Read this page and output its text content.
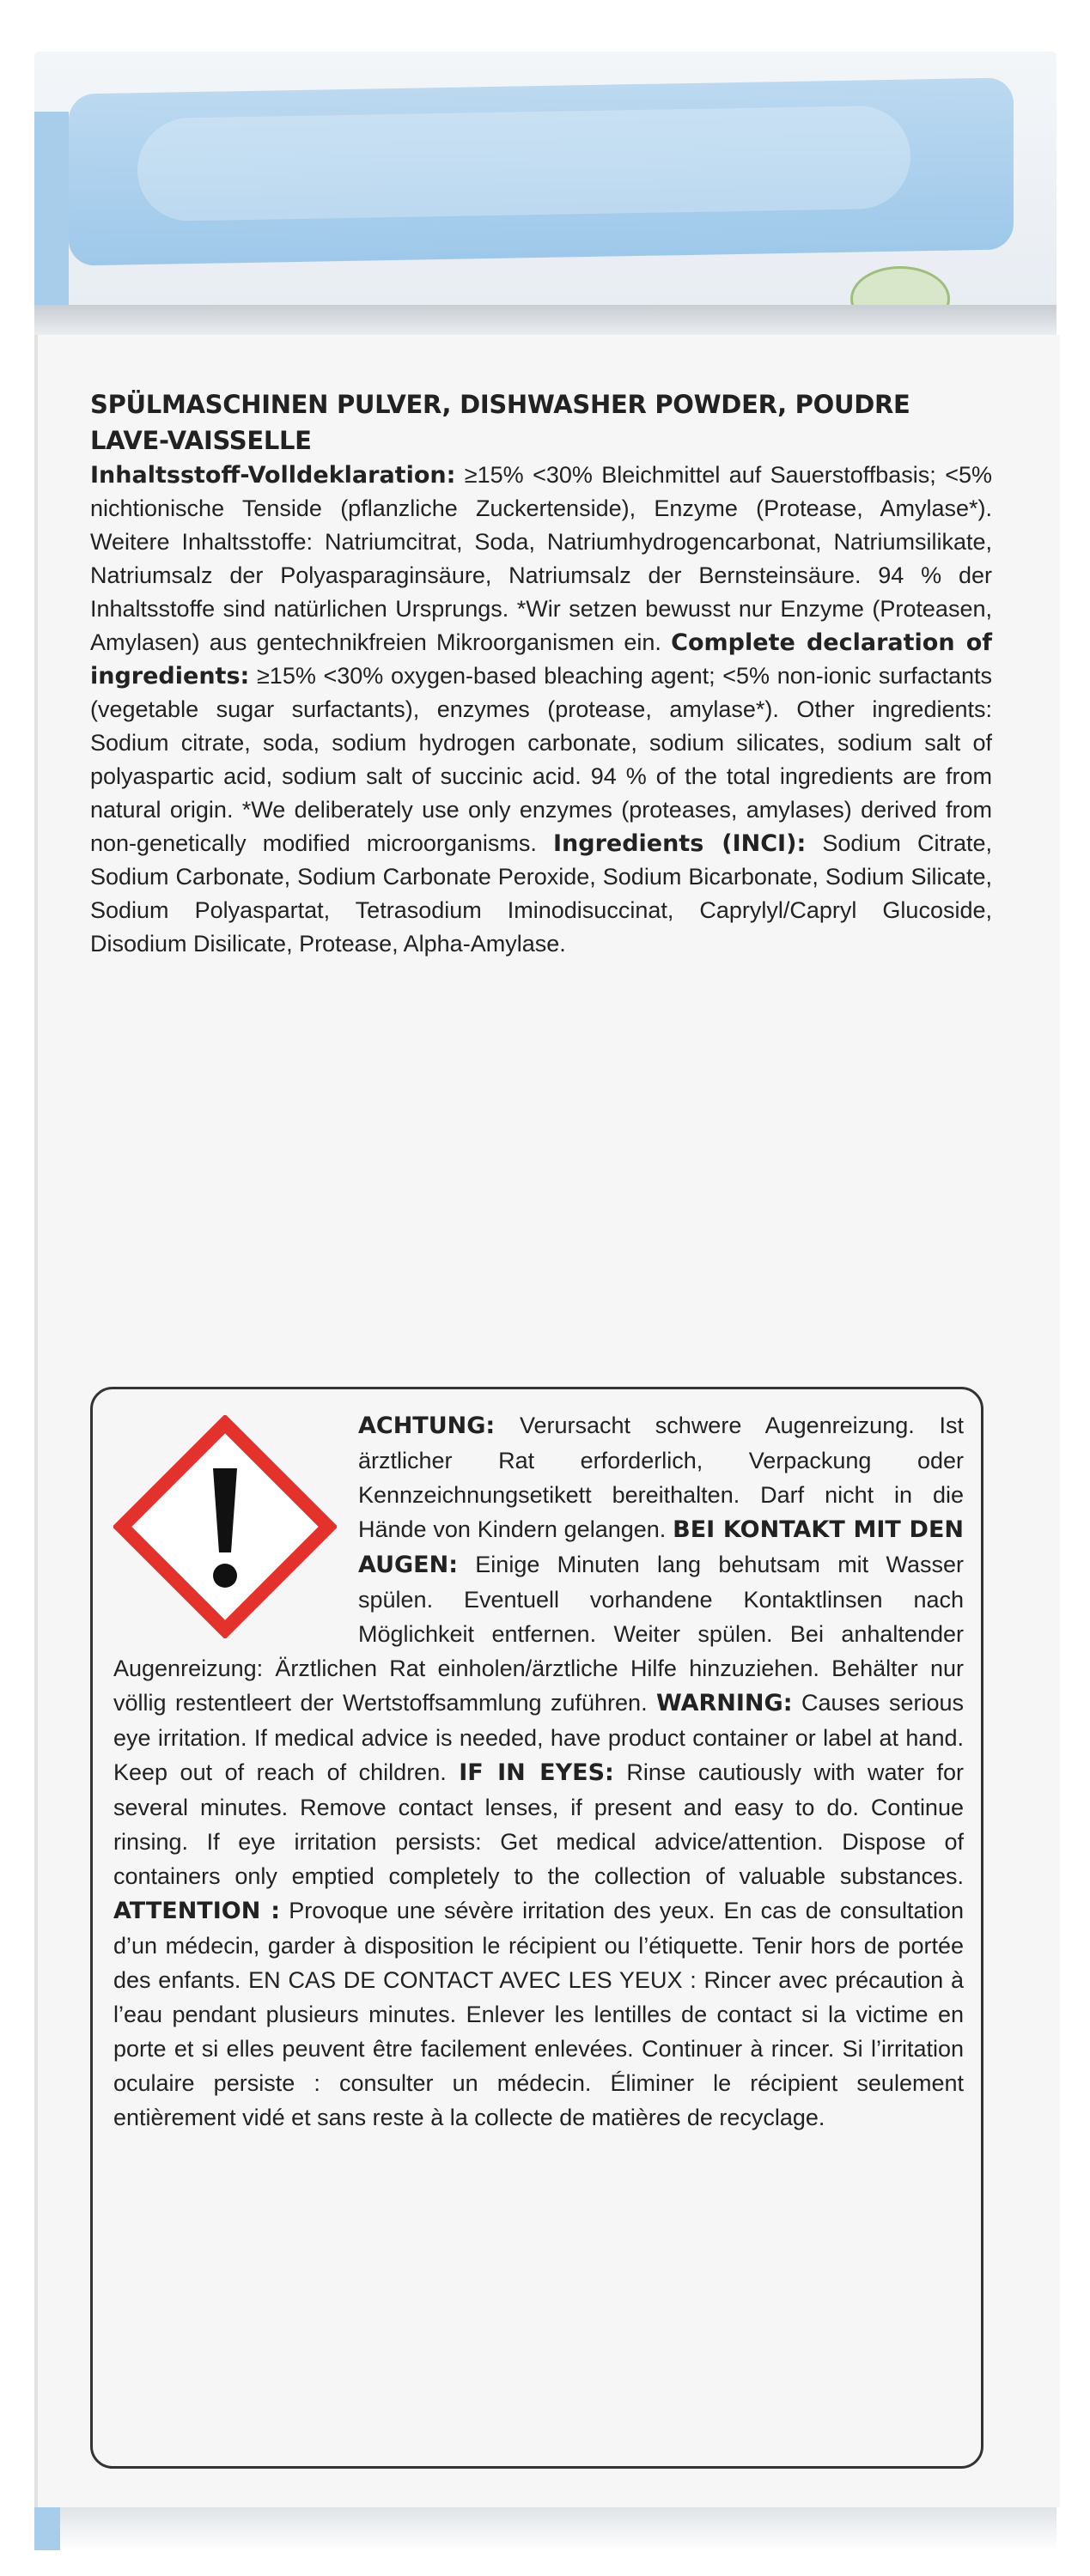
SPÜLMASCHINEN PULVER, DISHWASHER POWDER, POUDRE LAVE-VAISSELLE

Inhaltsstoff-Volldeklaration: ≥15% <30% Bleichmittel auf Sauerstoffbasis; <5% nichtionische Tenside (pflanzliche Zuckertenside), Enzyme (Protease, Amylase*). Weitere Inhaltsstoffe: Natriumcitrat, Soda, Natriumhydrogencarbonat, Natriumsilikate, Natriumsalz der Polyasparaginsäure, Natriumsalz der Bernsteinsäure. 94 % der Inhaltsstoffe sind natürlichen Ursprungs. *Wir setzen bewusst nur Enzyme (Proteasen, Amylasen) aus gentechnikfreien Mikroorganismen ein. Complete declaration of ingredients: ≥15% <30% oxygen-based bleaching agent; <5% non-ionic surfactants (vegetable sugar surfactants), enzymes (protease, amylase*). Other ingredients: Sodium citrate, soda, sodium hydrogen carbonate, sodium silicates, sodium salt of polyaspartic acid, sodium salt of succinic acid. 94 % of the total ingredients are from natural origin. *We deliberately use only enzymes (proteases, amylases) derived from non-genetically modified microorganisms. Ingredients (INCI): Sodium Citrate, Sodium Carbonate, Sodium Carbonate Peroxide, Sodium Bicarbonate, Sodium Silicate, Sodium Polyaspartat, Tetrasodium Iminodisuccinat, Caprylyl/Capryl Glucoside, Disodium Disilicate, Protease, Alpha-Amylase.

ACHTUNG: Verursacht schwere Augenreizung. Ist ärztlicher Rat erforderlich, Verpackung oder Kennzeichnungsetikett bereithalten. Darf nicht in die Hände von Kindern gelangen. BEI KONTAKT MIT DEN AUGEN: Einige Minuten lang behutsam mit Wasser spülen. Eventuell vorhandene Kontaktlinsen nach Möglichkeit entfernen. Weiter spülen. Bei anhaltender Augenreizung: Ärztlichen Rat einholen/ärztliche Hilfe hinzuziehen. Behälter nur völlig restentleert der Wertstoffsammlung zuführen. WARNING: Causes serious eye irritation. If medical advice is needed, have product container or label at hand. Keep out of reach of children. IF IN EYES: Rinse cautiously with water for several minutes. Remove contact lenses, if present and easy to do. Continue rinsing. If eye irritation persists: Get medical advice/attention. Dispose of containers only emptied completely to the collection of valuable substances. ATTENTION : Provoque une sévère irritation des yeux. En cas de consultation d’un médecin, garder à disposition le récipient ou l’étiquette. Tenir hors de portée des enfants. EN CAS DE CONTACT AVEC LES YEUX : Rincer avec précaution à l’eau pendant plusieurs minutes. Enlever les lentilles de contact si la victime en porte et si elles peuvent être facilement enlevées. Continuer à rincer. Si l’irritation oculaire persiste : consulter un médecin. Éliminer le récipient seulement entièrement vidé et sans reste à la collecte de matières de recyclage.
